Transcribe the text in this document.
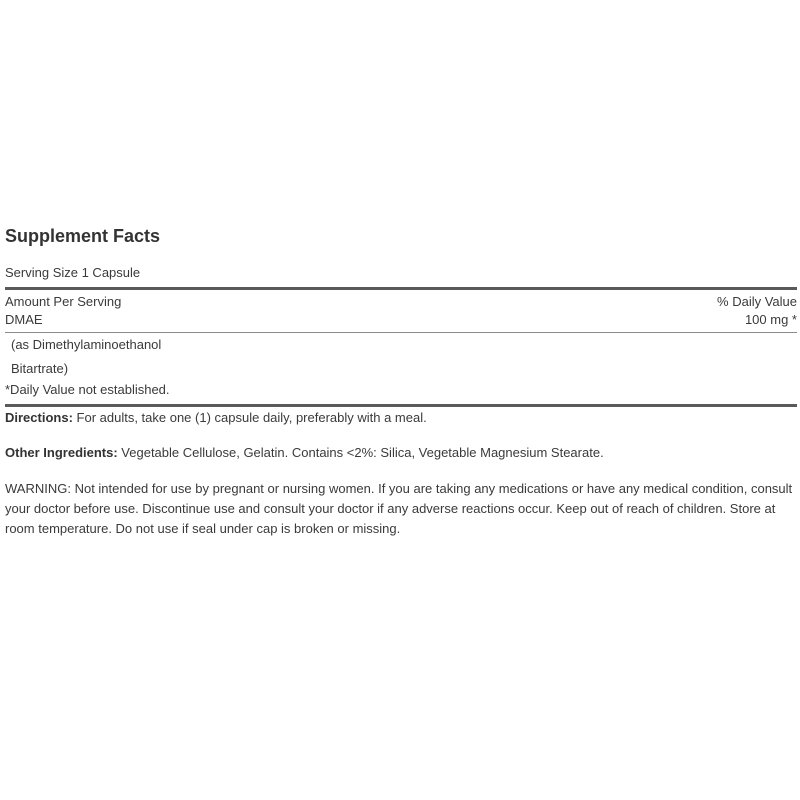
Supplement Facts
Serving Size 1 Capsule
Amount Per Serving	% Daily Value
DMAE	100 mg *
(as Dimethylaminoethanol
Bitartrate)
*Daily Value not established.
Directions: For adults, take one (1) capsule daily, preferably with a meal.
Other Ingredients: Vegetable Cellulose, Gelatin. Contains <2%: Silica, Vegetable Magnesium Stearate.
WARNING: Not intended for use by pregnant or nursing women. If you are taking any medications or have any medical condition, consult your doctor before use. Discontinue use and consult your doctor if any adverse reactions occur. Keep out of reach of children. Store at room temperature. Do not use if seal under cap is broken or missing.
